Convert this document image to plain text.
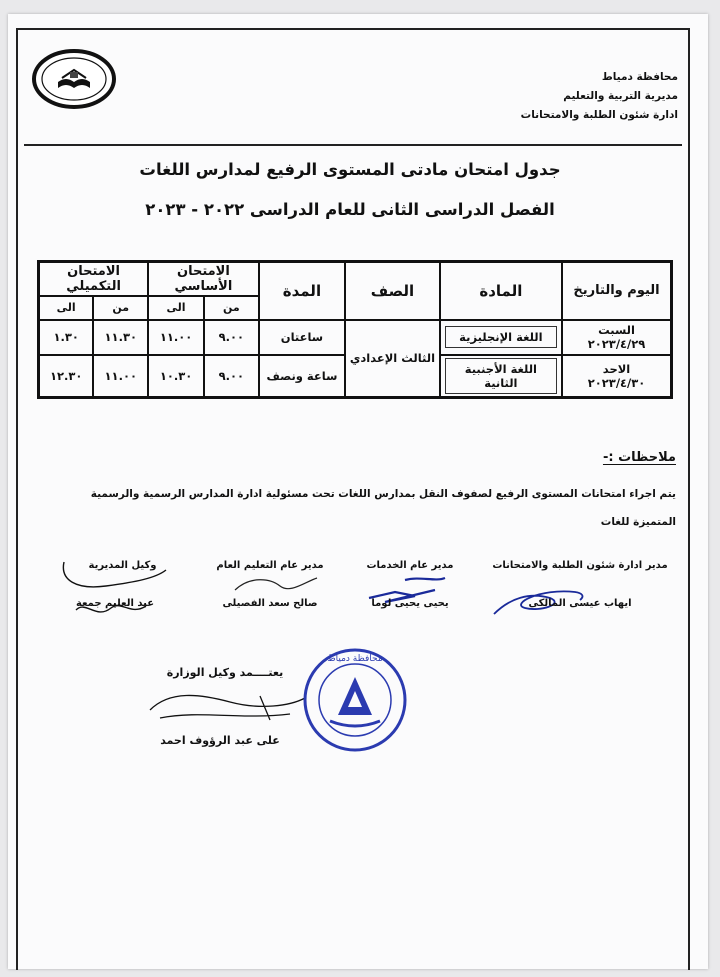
محافظة دمياط
مديرية التربية والتعليم
ادارة شئون الطلبة والامتحانات
جدول امتحان مادتى المستوى الرفيع لمدارس اللغات
الفصل الدراسى الثانى للعام الدراسى ٢٠٢٢ - ٢٠٢٣
اليوم والتاريخ	المادة	الصف	المدة	الامتحان الأساسي		الامتحان التكميلي	
				من	الى	من	الى

السبت
٢٠٢٣/٤/٢٩	اللغة الإنجليزية	الثالث الإعدادي	ساعتان	٩.٠٠	١١.٠٠	١١.٣٠	١.٣٠

الاحد
٢٠٢٣/٤/٣٠	اللغة الأجنبية الثانية		ساعة ونصف	٩.٠٠	١٠.٣٠	١١.٠٠	١٢.٣٠
ملاحظات :-
يتم اجراء امتحانات المستوى الرفيع لصفوف النقل بمدارس اللغات تحت مسئولية ادارة المدارس الرسمية والرسمية المتميزة للغات
مدير ادارة شئون الطلبة والامتحانات
مدير عام الخدمات
مدير عام التعليم العام
وكيل المديرية
ايهاب عيسى المالكى
يحيى يحيى لوما
صالح سعد الفصيلى
عبد العليم جمعة
يعتــــمد وكيل الوزارة
على عبد الرؤوف احمد
محافظة دمياط
